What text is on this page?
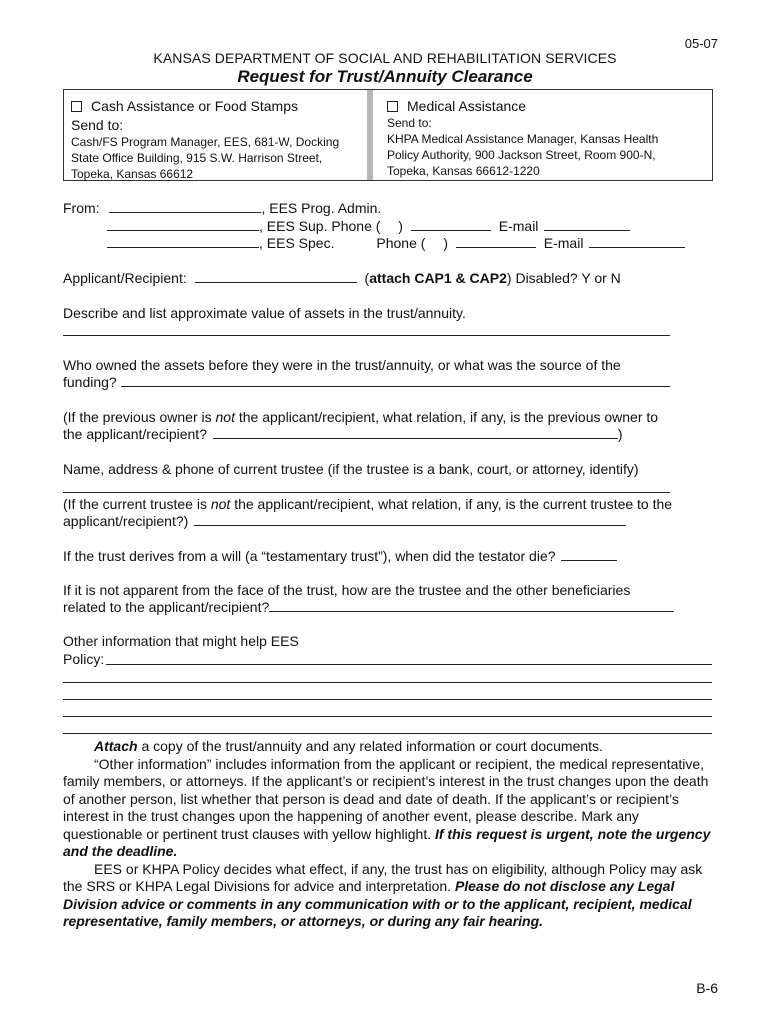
05-07
KANSAS DEPARTMENT OF SOCIAL AND REHABILITATION SERVICES
Request for Trust/Annuity Clearance
Cash Assistance or Food Stamps
Send to:
Cash/FS Program Manager, EES, 681-W, Docking
State Office Building, 915 S.W. Harrison Street,
Topeka, Kansas 66612
Medical Assistance
Send to:
KHPA Medical Assistance Manager, Kansas Health
Policy Authority, 900 Jackson Street, Room 900-N,
Topeka, Kansas 66612-1220
From:	, EES Prog. Admin.
, EES Sup. Phone ( )	E-mail
, EES Spec.	Phone ( )	E-mail
Applicant/Recipient:	(attach CAP1 & CAP2) Disabled? Y or N
Describe and list approximate value of assets in the trust/annuity.
Who owned the assets before they were in the trust/annuity, or what was the source of the
funding?
(If the previous owner is not the applicant/recipient, what relation, if any, is the previous owner to
the applicant/recipient?	)
Name, address & phone of current trustee (if the trustee is a bank, court, or attorney, identify)
(If the current trustee is not the applicant/recipient, what relation, if any, is the current trustee to the
applicant/recipient?)
If the trust derives from a will (a “testamentary trust”), when did the testator die?
If it is not apparent from the face of the trust, how are the trustee and the other beneficiaries
related to the applicant/recipient?
Other information that might help EES
Policy:

Attach a copy of the trust/annuity and any related information or court documents.

“Other information” includes information from the applicant or recipient, the medical representative, family members, or attorneys. If the applicant’s or recipient’s interest in the trust changes upon the death of another person, list whether that person is dead and date of death. If the applicant’s or recipient’s interest in the trust changes upon the happening of another event, please describe. Mark any questionable or pertinent trust clauses with yellow highlight. If this request is urgent, note the urgency and the deadline.

EES or KHPA Policy decides what effect, if any, the trust has on eligibility, although Policy may ask the SRS or KHPA Legal Divisions for advice and interpretation. Please do not disclose any Legal Division advice or comments in any communication with or to the applicant, recipient, medical representative, family members, or attorneys, or during any fair hearing.

B-6
